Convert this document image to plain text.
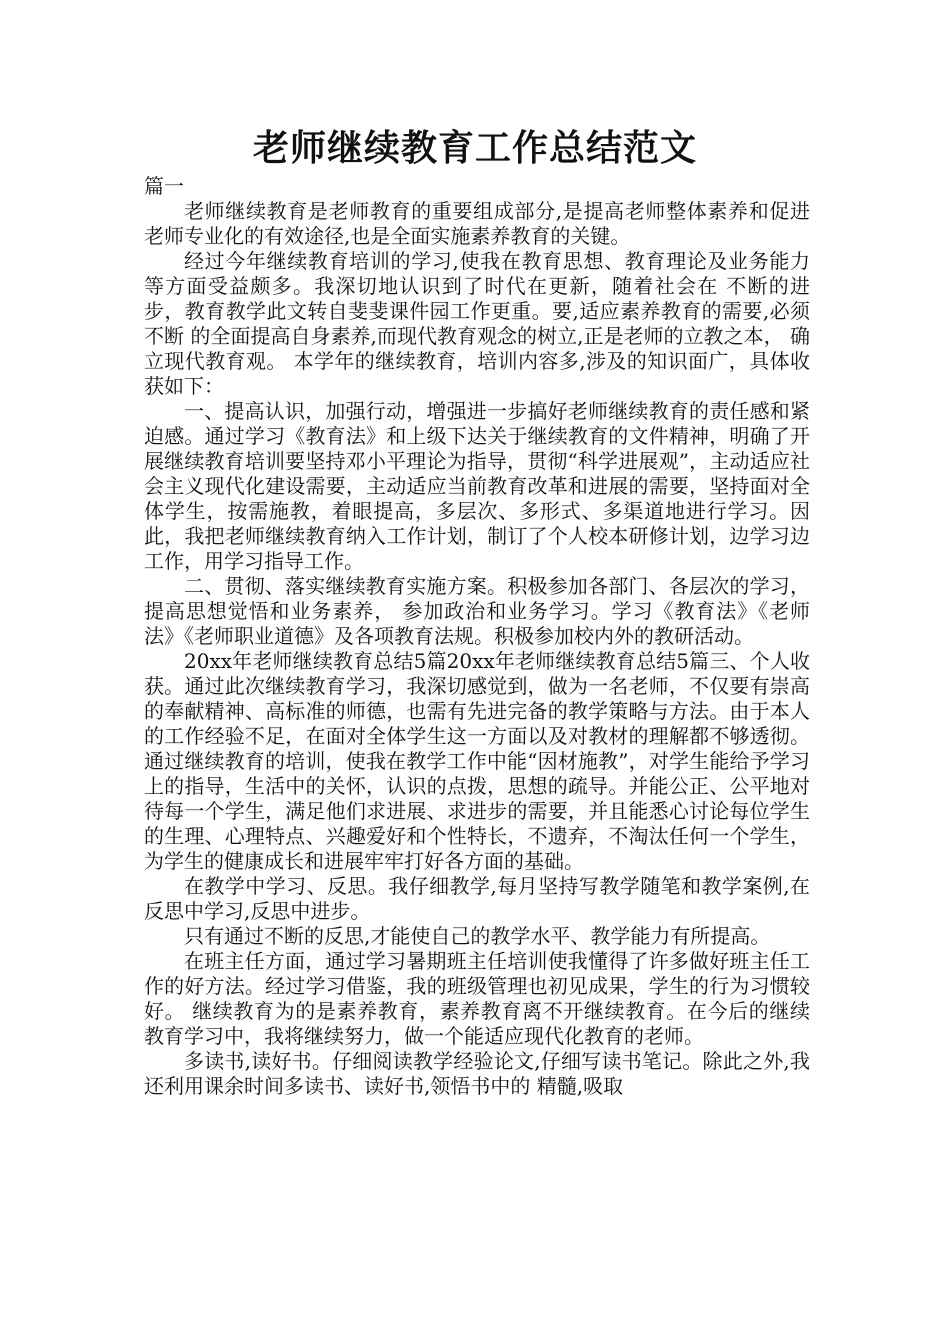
老师继续教育工作总结范文

篇一

老师继续教育是老师教育的重要组成部分,是提高老师整体素养和促进老师专业化的有效途径,也是全面实施素养教育的关键。

经过今年继续教育培训的学习,使我在教育思想、教育理论及业务能力等方面受益颇多。我深切地认识到了时代在更新，随着社会在 不断的进步，教育教学此文转自斐斐课件园工作更重。要,适应素养教育的需要,必须不断 的全面提高自身素养,而现代教育观念的树立,正是老师的立教之本， 确立现代教育观。 本学年的继续教育，培训内容多,涉及的知识面广，具体收获如下：

一、提高认识，加强行动，增强进一步搞好老师继续教育的责任感和紧迫感。通过学习《教育法》和上级下达关于继续教育的文件精神，明确了开展继续教育培训要坚持邓小平理论为指导，贯彻“科学进展观”，主动适应社会主义现代化建设需要，主动适应当前教育改革和进展的需要，坚持面对全体学生，按需施教，着眼提高，多层次、多形式、多渠道地进行学习。因此，我把老师继续教育纳入工作计划，制订了个人校本研修计划，边学习边工作，用学习指导工作。

二、贯彻、落实继续教育实施方案。积极参加各部门、各层次的学习，提高思想觉悟和业务素养， 参加政治和业务学习。学习《教育法》《老师法》《老师职业道德》及各项教育法规。积极参加校内外的教研活动。

20xx年老师继续教育总结5篇20xx年老师继续教育总结5篇三、个人收获。通过此次继续教育学习，我深切感觉到，做为一名老师，不仅要有崇高的奉献精神、高标准的师德，也需有先进完备的教学策略与方法。由于本人的工作经验不足，在面对全体学生这一方面以及对教材的理解都不够透彻。通过继续教育的培训，使我在教学工作中能“因材施教”，对学生能给予学习上的指导，生活中的关怀，认识的点拨，思想的疏导。并能公正、公平地对待每一个学生，满足他们求进展、求进步的需要，并且能悉心讨论每位学生的生理、心理特点、兴趣爱好和个性特长，不遗弃，不淘汰任何一个学生，为学生的健康成长和进展牢牢打好各方面的基础。

在教学中学习、反思。我仔细教学,每月坚持写教学随笔和教学案例,在反思中学习,反思中进步。

只有通过不断的反思,才能使自己的教学水平、教学能力有所提高。

在班主任方面，通过学习暑期班主任培训使我懂得了许多做好班主任工作的好方法。经过学习借鉴，我的班级管理也初见成果，学生的行为习惯较好。 继续教育为的是素养教育，素养教育离不开继续教育。在今后的继续教育学习中，我将继续努力，做一个能适应现代化教育的老师。

多读书,读好书。仔细阅读教学经验论文,仔细写读书笔记。除此之外,我还利用课余时间多读书、读好书,领悟书中的 精髓,吸取
